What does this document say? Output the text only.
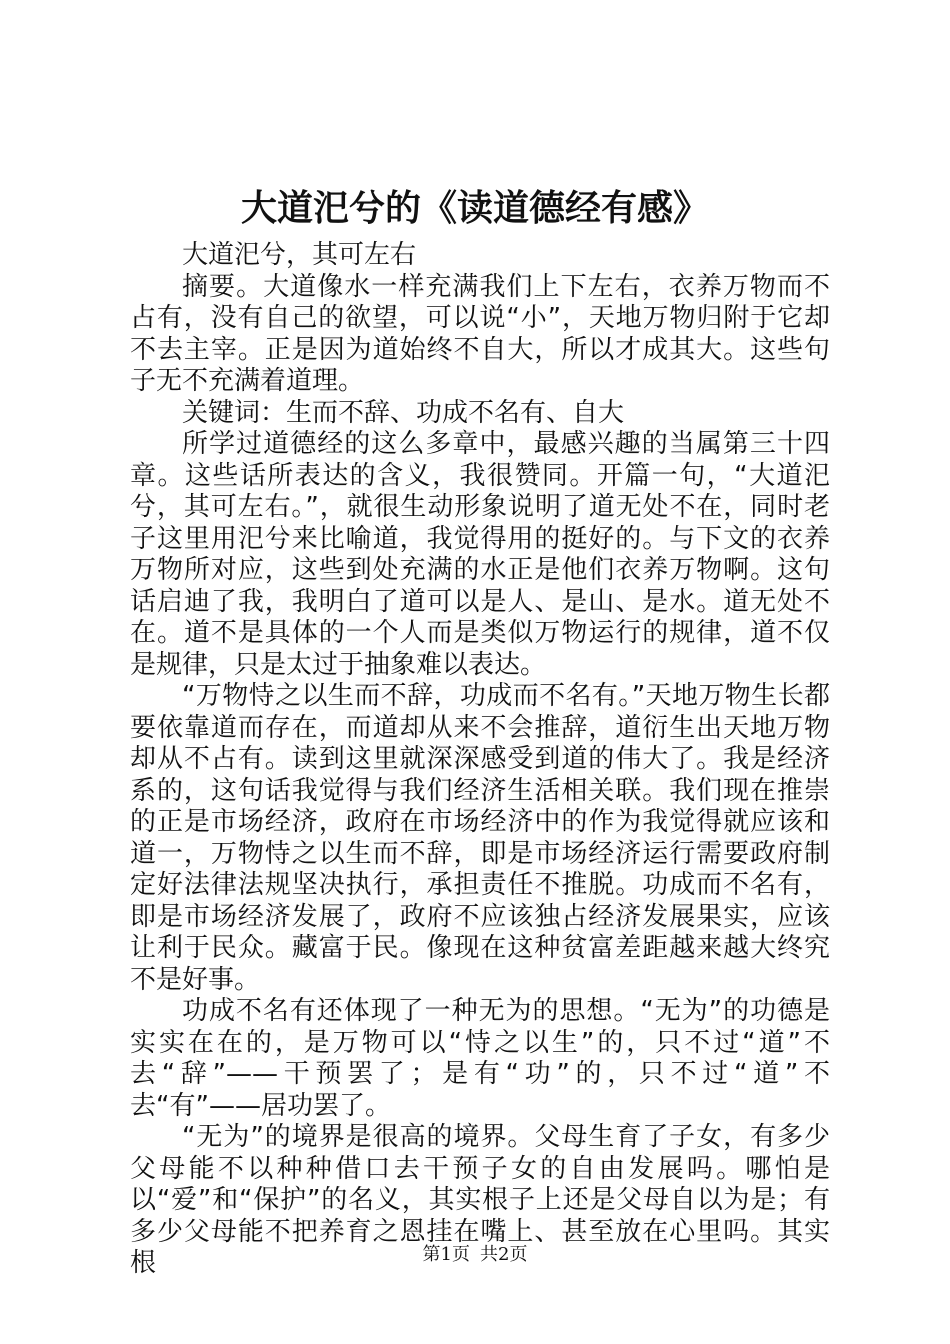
大道汜兮的《读道德经有感》

大道汜兮，其可左右

摘要。大道像水一样充满我们上下左右，衣养万物而不占有，没有自己的欲望，可以说“小”，天地万物归附于它却不去主宰。正是因为道始终不自大，所以才成其大。这些句子无不充满着道理。

关键词：生而不辞、功成不名有、自大

所学过道德经的这么多章中，最感兴趣的当属第三十四章。这些话所表达的含义，我很赞同。开篇一句，“大道汜兮，其可左右。”，就很生动形象说明了道无处不在，同时老子这里用汜兮来比喻道，我觉得用的挺好的。与下文的衣养万物所对应，这些到处充满的水正是他们衣养万物啊。这句话启迪了我，我明白了道可以是人、是山、是水。道无处不在。道不是具体的一个人而是类似万物运行的规律，道不仅是规律，只是太过于抽象难以表达。

“万物恃之以生而不辞，功成而不名有。”天地万物生长都要依靠道而存在，而道却从来不会推辞，道衍生出天地万物却从不占有。读到这里就深深感受到道的伟大了。我是经济系的，这句话我觉得与我们经济生活相关联。我们现在推崇的正是市场经济，政府在市场经济中的作为我觉得就应该和道一，万物恃之以生而不辞，即是市场经济运行需要政府制定好法律法规坚决执行，承担责任不推脱。功成而不名有，即是市场经济发展了，政府不应该独占经济发展果实，应该让利于民众。藏富于民。像现在这种贫富差距越来越大终究不是好事。

功成不名有还体现了一种无为的思想。“无为”的功德是实实在在的，是万物可以“恃之以生”的，只不过“道”不去“辞”——干预罢了；是有“功”的，只不过“道”不去“有”——居功罢了。

“无为”的境界是很高的境界。父母生育了子女，有多少父母能不以种种借口去干预子女的自由发展吗。哪怕是以“爱”和“保护”的名义，其实根子上还是父母自以为是；有多少父母能不把养育之恩挂在嘴上、甚至放在心里吗。其实根	第1页 共2页
